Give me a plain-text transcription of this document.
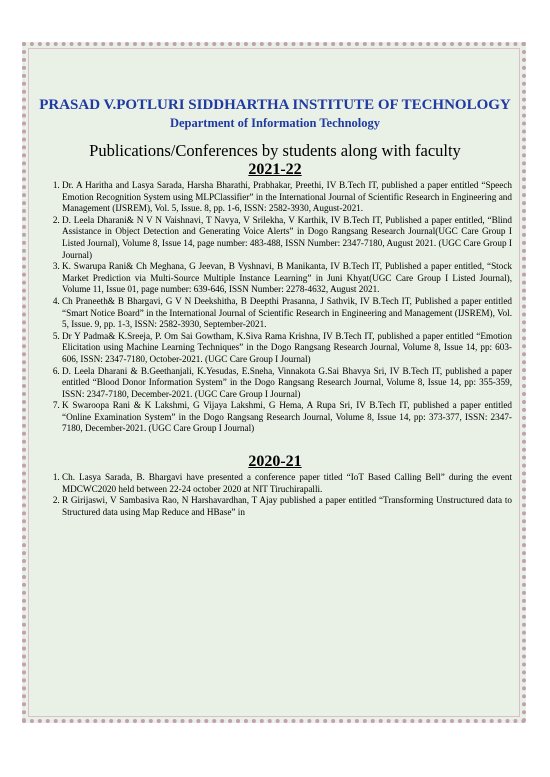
PRASAD V.POTLURI SIDDHARTHA INSTITUTE OF TECHNOLOGY

Department of Information Technology

Publications/Conferences by students along with faculty

2021-22

1. Dr. A Haritha and Lasya Sarada, Harsha Bharathi, Prabhakar, Preethi, IV B.Tech IT, published a paper entitled “Speech Emotion Recognition System using MLPClassifier” in the International Journal of Scientific Research in Engineering and Management (IJSREM), Vol. 5, Issue. 8, pp. 1-6, ISSN: 2582-3930, August-2021.
2. D. Leela Dharani& N V N Vaishnavi, T Navya, V Srilekha, V Karthik, IV B.Tech IT, Published a paper entitled, “Blind Assistance in Object Detection and Generating Voice Alerts” in Dogo Rangsang Research Journal(UGC Care Group I Listed Journal), Volume 8, Issue 14, page number: 483-488, ISSN Number: 2347-7180, August 2021. (UGC Care Group I Journal)
3. K. Swarupa Rani& Ch Meghana, G Jeevan, B Vyshnavi, B Manikanta, IV B.Tech IT, Published a paper entitled, “Stock Market Prediction via Multi-Source Multiple Instance Learning” in Juni Khyat(UGC Care Group I Listed Journal), Volume 11, Issue 01, page number: 639-646, ISSN Number: 2278-4632, August 2021.
4. Ch Praneeth& B Bhargavi, G V N Deekshitha, B Deepthi Prasanna, J Sathvik, IV B.Tech IT, Published a paper entitled “Smart Notice Board” in the International Journal of Scientific Research in Engineering and Management (IJSREM), Vol. 5, Issue. 9, pp. 1-3, ISSN: 2582-3930, September-2021.
5. Dr Y Padma& K.Sreeja, P. Om Sai Gowtham, K.Siva Rama Krishna, IV B.Tech IT, published a paper entitled “Emotion Elicitation using Machine Learning Techniques” in the Dogo Rangsang Research Journal, Volume 8, Issue 14, pp: 603-606, ISSN: 2347-7180, October-2021. (UGC Care Group I Journal)
6. D. Leela Dharani & B.Geethanjali, K.Yesudas, E.Sneha, Vinnakota G.Sai Bhavya Sri, IV B.Tech IT, published a paper entitled “Blood Donor Information System” in the Dogo Rangsang Research Journal, Volume 8, Issue 14, pp: 355-359, ISSN: 2347-7180, December-2021. (UGC Care Group I Journal)
7. K Swaroopa Rani & K Lakshmi, G Vijaya Lakshmi, G Hema, A Rupa Sri, IV B.Tech IT, published a paper entitled “Online Examination System” in the Dogo Rangsang Research Journal, Volume 8, Issue 14, pp: 373-377, ISSN: 2347-7180, December-2021. (UGC Care Group I Journal)

2020-21

1. Ch. Lasya Sarada, B. Bhargavi have presented a conference paper titled “IoT Based Calling Bell” during the event MDCWC2020 held between 22-24 october 2020 at NIT Tiruchirapalli.
2. R Girijaswi, V Sambasiva Rao, N Harshavardhan, T Ajay published a paper entitled “Transforming Unstructured data to Structured data using Map Reduce and HBase” in
